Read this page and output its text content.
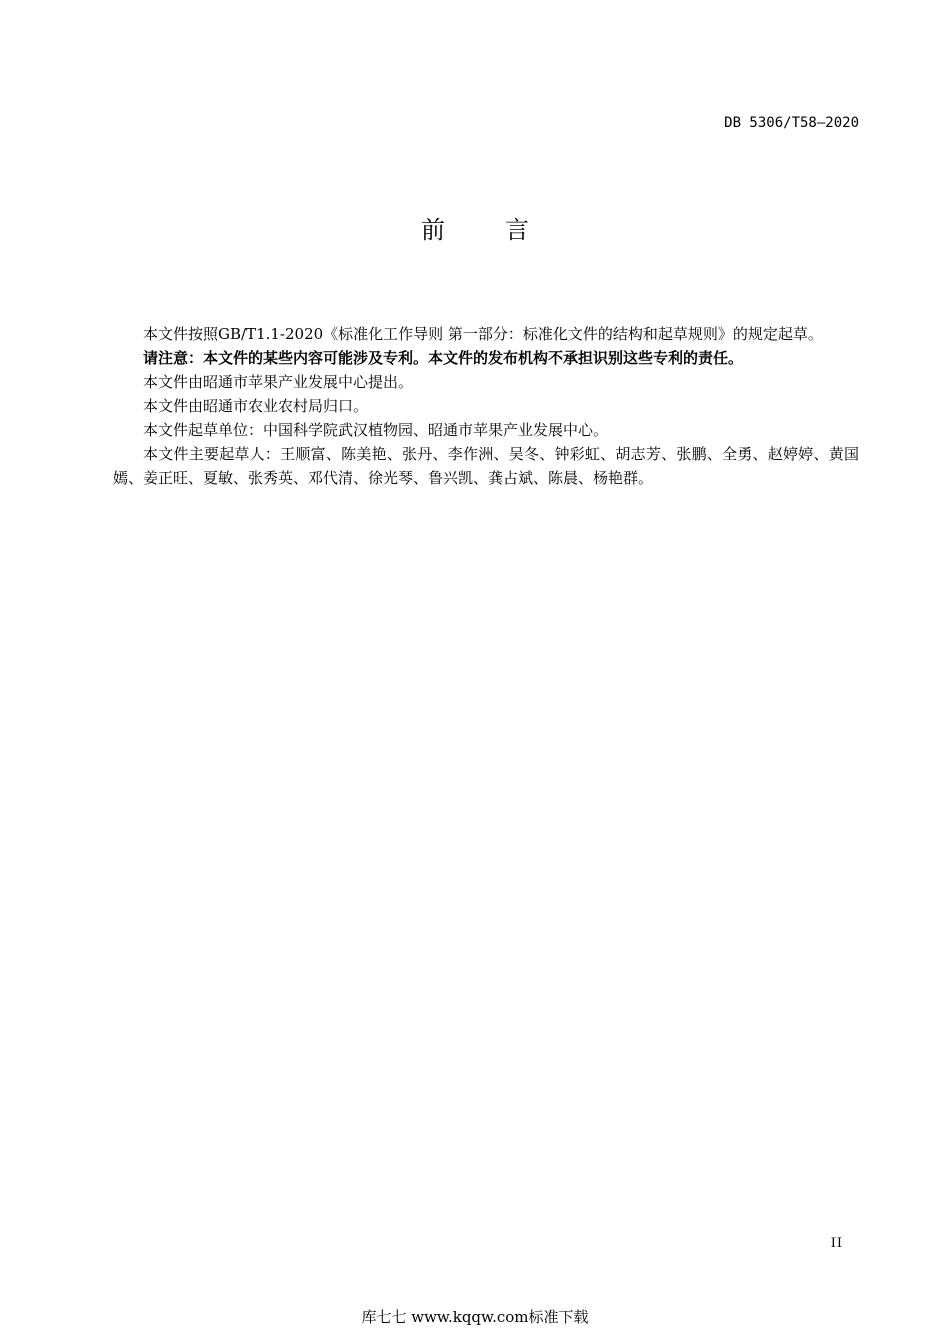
DB 5306/T58—2020
前	言

本文件按照GB/T1.1-2020《标准化工作导则 第一部分：标准化文件的结构和起草规则》的规定起草。

请注意：本文件的某些内容可能涉及专利。本文件的发布机构不承担识别这些专利的责任。

本文件由昭通市苹果产业发展中心提出。

本文件由昭通市农业农村局归口。

本文件起草单位：中国科学院武汉植物园、昭通市苹果产业发展中心。

本文件主要起草人：王顺富、陈美艳、张丹、李作洲、吴冬、钟彩虹、胡志芳、张鹏、全勇、赵婷婷、黄国嫣、姜正旺、夏敏、张秀英、邓代清、徐光琴、鲁兴凯、龚占斌、陈晨、杨艳群。

II
库七七 www.kqqw.com标准下载
